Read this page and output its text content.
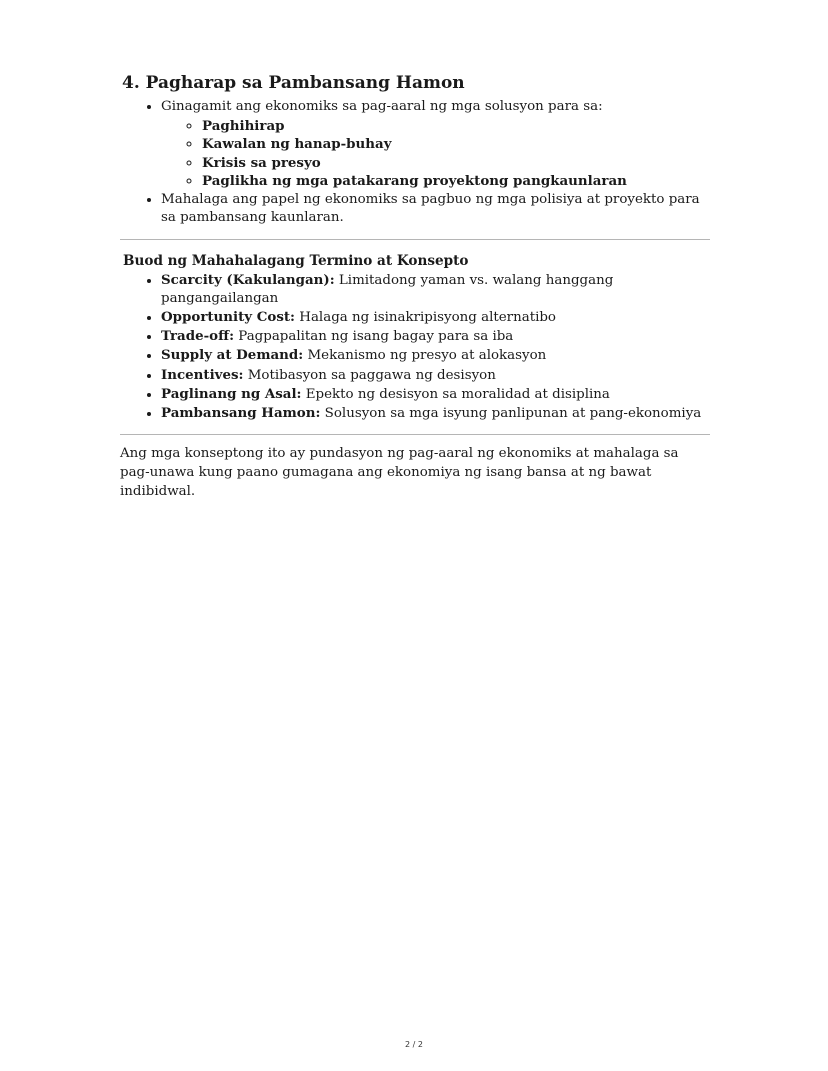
4. Pagharap sa Pambansang Hamon
• Ginagamit ang ekonomiks sa pag-aaral ng mga solusyon para sa:
◦ Paghihirap
◦ Kawalan ng hanap-buhay
◦ Krisis sa presyo
◦ Paglikha ng mga patakarang proyektong pangkaunlaran
• Mahalaga ang papel ng ekonomiks sa pagbuo ng mga polisiya at proyekto para sa pambansang kaunlaran.
Buod ng Mahahalagang Termino at Konsepto
• Scarcity (Kakulangan): Limitadong yaman vs. walang hanggang pangangailangan
• Opportunity Cost: Halaga ng isinakripisyong alternatibo
• Trade-off: Pagpapalitan ng isang bagay para sa iba
• Supply at Demand: Mekanismo ng presyo at alokasyon
• Incentives: Motibasyon sa paggawa ng desisyon
• Paglinang ng Asal: Epekto ng desisyon sa moralidad at disiplina
• Pambansang Hamon: Solusyon sa mga isyung panlipunan at pang-ekonomiya

Ang mga konseptong ito ay pundasyon ng pag-aaral ng ekonomiks at mahalaga sa pag-unawa kung paano gumagana ang ekonomiya ng isang bansa at ng bawat indibidwal.

2 / 2
